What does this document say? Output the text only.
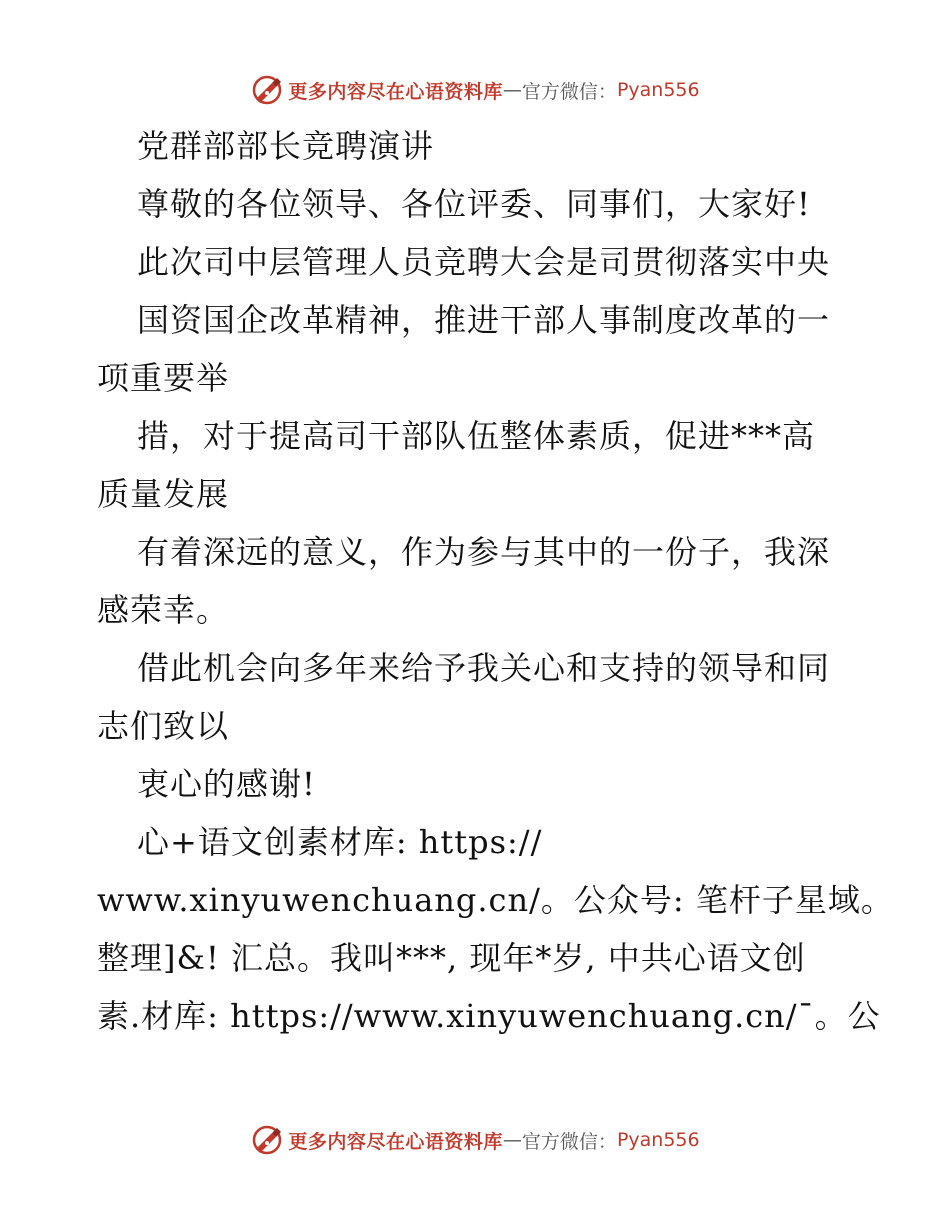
更多内容尽在心语资料库 — 官方微信： Pyan556
党群部部长竞聘演讲
尊敬的各位领导、各位评委、同事们，大家好!
此次司中层管理人员竞聘大会是司贯彻落实中央
国资国企改革精神，推进干部人事制度改革的一
项重要举
措，对于提高司干部队伍整体素质，促进***高
质量发展
有着深远的意义，作为参与其中的一份子，我深
感荣幸。
借此机会向多年来给予我关心和支持的领导和同
志们致以
衷心的感谢!
心+语文创素材库: https://
www.xinyuwenchuang.cn/。公众号: 笔杆子星域。
整理]&! 汇总。我叫***, 现年*岁, 中共心语文创
素.材库: https://www.xinyuwenchuang.cn/¯。公
更多内容尽在心语资料库 — 官方微信： Pyan556
